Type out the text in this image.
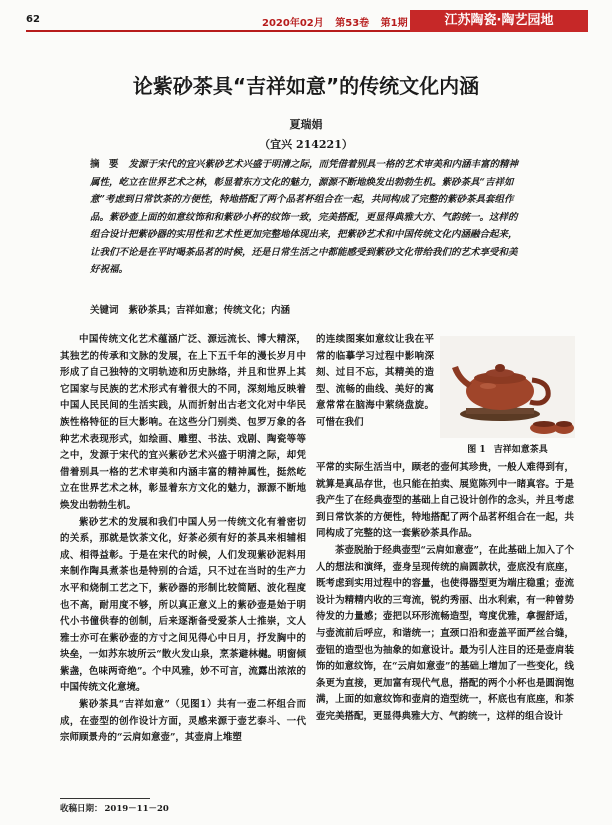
62	2020年02月 第53卷 第1期	江苏陶瓷·陶艺园地
论紫砂茶具“吉祥如意”的传统文化内涵
夏瑞娟
（宜兴 214221）

摘　要 发源于宋代的宜兴紫砂艺术兴盛于明清之际，而凭借着别具一格的艺术审美和内涵丰富的精神属性，屹立在世界艺术之林，彰显着东方文化的魅力，源源不断地焕发出勃勃生机。紫砂茶具“吉祥如意”考虑到日常饮茶的方便性，特地搭配了两个品茗杯组合在一起，共同构成了完整的紫砂茶具套组作品。紫砂壶上面的如意纹饰和和紫砂小杯的纹饰一致，完美搭配，更显得典雅大方、气韵统一。这样的组合设计把紫砂器的实用性和艺术性更加完整地体现出来，把紫砂艺术和中国传统文化内涵融合起来，让我们不论是在平时喝茶品茗的时候，还是日常生活之中都能感受到紫砂文化带给我们的艺术享受和美好祝福。

关键词 紫砂茶具；吉祥如意；传统文化；内涵

中国传统文化艺术蕴涵广泛、源远流长、博大精深，其独艺的传承和文脉的发展，在上下五千年的漫长岁月中形成了自己独特的文明轨迹和历史脉络，并且和世界上其它国家与民族的艺术形式有着很大的不同，深刻地反映着中国人民民间的生活实践，从而折射出古老文化对中华民族性格特征的巨大影响。在这些分门别类、包罗万象的各种艺术表现形式，如绘画、雕塑、书法、戏剧、陶瓷等等之中，发源于宋代的宜兴紫砂艺术兴盛于明清之际，却凭借着别具一格的艺术审美和内涵丰富的精神属性，挺然屹立在世界艺术之林，彰显着东方文化的魅力，源源不断地焕发出勃勃生机。

紫砂艺术的发展和我们中国人另一传统文化有着密切的关系，那就是饮茶文化，好茶必须有好的茶具来相辅相成、相得益彰。于是在宋代的时候，人们发现紫砂泥料用来制作陶具煮茶也是特别的合适，只不过在当时的生产力水平和烧制工艺之下，紫砂器的形制比较简陋、波化程度也不高，耐用度不够，所以真正意义上的紫砂壶是始于明代小书僮供春的创制，后来逐渐备受爱茶人士推崇，文人雅士亦可在紫砂壶的方寸之间见得心中日月，抒发胸中的块垒，一如苏东坡所云“散火发山泉，烹茶避林樾。明窗倾紫盏，色味两奇绝”。个中风雅，妙不可言，流露出浓浓的中国传统文化意境。

紫砂茶具“吉祥如意”（见图1）共有一壶二杯组合而成，在壶型的创作设计方面，灵感来源于壶艺泰斗、一代宗师顾景舟的“云肩如意壶”，其壶肩上堆塑

的连续图案如意纹让我在平常的临摹学习过程中影响深刻、过目不忘，其精美的造型、流畅的曲线、美好的寓意常常在脑海中萦绕盘旋。可惜在我们

图 1 吉祥如意茶具

平常的实际生活当中，顾老的壶何其珍贵，一般人难得到有，就算是真品存世，也只能在拍卖、展览陈列中一睹真容。于是我产生了在经典壶型的基础上自己设计创作的念头，并且考虑到日常饮茶的方便性，特地搭配了两个品茗杯组合在一起，共同构成了完整的这一套紫砂茶具作品。

茶壶脱胎于经典壶型“云肩如意壶”，在此基础上加入了个人的想法和演绎，壶身呈现传统的扁圆款状，壶底没有底座，既考虑到实用过程中的容量，也使得器型更为端庄稳重；壶流设计为精精内收的三弯流，锐约秀丽、出水利索，有一种曾势待发的力量感；壶把以环形流畅造型，弯度优雅，拿握舒适，与壶流前后呼应，和谐统一；直颈口沿和壶盖平面严丝合缝，壶钮的造型也为抽象的如意设计。最为引人注目的还是壶肩装饰的如意纹饰，在“云肩如意壶”的基础上增加了一些变化，线条更为直接，更加富有现代气息，搭配的两个小杯也是圆润饱满，上面的如意纹饰和壶肩的造型统一，杯底也有底座，和茶壶完美搭配，更显得典雅大方、气韵统一，这样的组合设计

收稿日期： 2019－11－20
